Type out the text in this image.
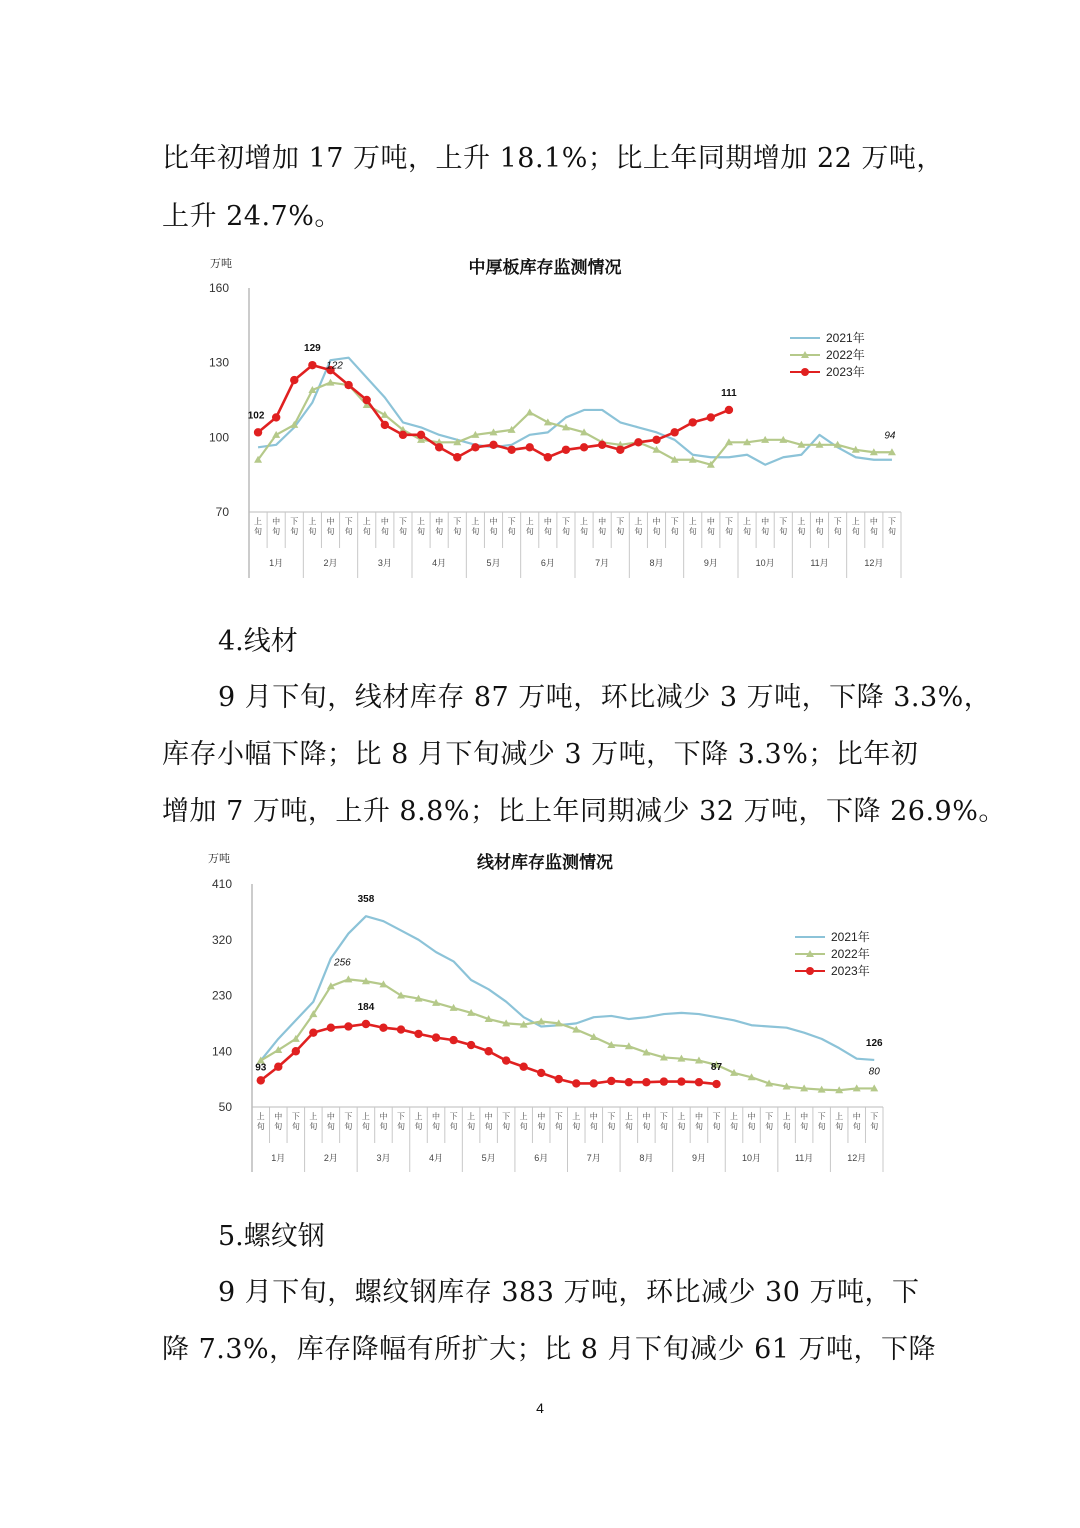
比年初增加 17 万吨，上升 18.1%；比上年同期增加 22 万吨，
上升 24.7%。
中厚板库存监测情况
万吨
70
100
130
160
上旬
中旬
下旬
上旬
中旬
下旬
上旬
中旬
下旬
上旬
中旬
下旬
上旬
中旬
下旬
上旬
中旬
下旬
上旬
中旬
下旬
上旬
中旬
下旬
上旬
中旬
下旬
上旬
中旬
下旬
上旬
中旬
下旬
上旬
中旬
下旬
1月	2月	3月	4月	5月	6月	7月	8月	9月	10月	11月	12月
102
129
122
111
94
2021年
2022年
2023年
4.线材
9 月下旬，线材库存 87 万吨，环比减少 3 万吨，下降 3.3%，
库存小幅下降；比 8 月下旬减少 3 万吨，下降 3.3%；比年初
增加 7 万吨，上升 8.8%；比上年同期减少 32 万吨，下降 26.9%。
线材库存监测情况
万吨
50
140
230
320
410
上旬
中旬
下旬
上旬
中旬
下旬
上旬
中旬
下旬
上旬
中旬
下旬
上旬
中旬
下旬
上旬
中旬
下旬
上旬
中旬
下旬
上旬
中旬
下旬
上旬
中旬
下旬
上旬
中旬
下旬
上旬
中旬
下旬
上旬
中旬
下旬
1月	2月	3月	4月	5月	6月	7月	8月	9月	10月	11月	12月
93
358
256
184
87
126
80
2021年
2022年
2023年
5.螺纹钢
9 月下旬，螺纹钢库存 383 万吨，环比减少 30 万吨，下
降 7.3%，库存降幅有所扩大；比 8 月下旬减少 61 万吨，下降
4
